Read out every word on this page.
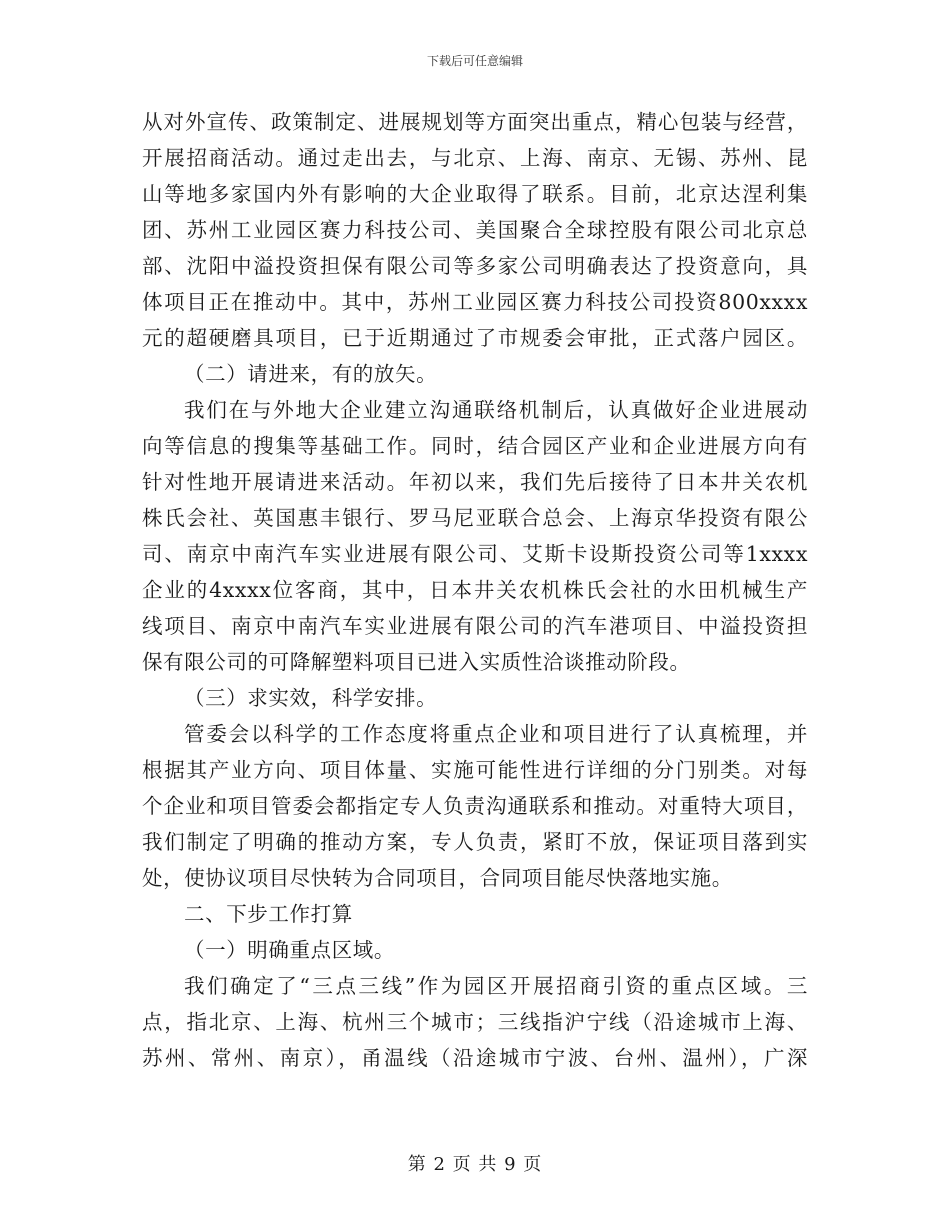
下载后可任意编辑
从对外宣传、政策制定、进展规划等方面突出重点，精心包装与经营，
开展招商活动。通过走出去，与北京、上海、南京、无锡、苏州、昆
山等地多家国内外有影响的大企业取得了联系。目前，北京达涅利集
团、苏州工业园区赛力科技公司、美国聚合全球控股有限公司北京总
部、沈阳中溢投资担保有限公司等多家公司明确表达了投资意向，具
体项目正在推动中。其中，苏州工业园区赛力科技公司投资800xxxx
元的超硬磨具项目，已于近期通过了市规委会审批，正式落户园区。
（二）请进来，有的放矢。
我们在与外地大企业建立沟通联络机制后，认真做好企业进展动
向等信息的搜集等基础工作。同时，结合园区产业和企业进展方向有
针对性地开展请进来活动。年初以来，我们先后接待了日本井关农机
株氏会社、英国惠丰银行、罗马尼亚联合总会、上海京华投资有限公
司、南京中南汽车实业进展有限公司、艾斯卡设斯投资公司等1xxxx
企业的4xxxx位客商，其中，日本井关农机株氏会社的水田机械生产
线项目、南京中南汽车实业进展有限公司的汽车港项目、中溢投资担
保有限公司的可降解塑料项目已进入实质性洽谈推动阶段。
（三）求实效，科学安排。
管委会以科学的工作态度将重点企业和项目进行了认真梳理，并
根据其产业方向、项目体量、实施可能性进行详细的分门别类。对每
个企业和项目管委会都指定专人负责沟通联系和推动。对重特大项目，
我们制定了明确的推动方案，专人负责，紧盯不放，保证项目落到实
处，使协议项目尽快转为合同项目，合同项目能尽快落地实施。
二、下步工作打算
（一）明确重点区域。
我们确定了“三点三线”作为园区开展招商引资的重点区域。三
点，指北京、上海、杭州三个城市；三线指沪宁线（沿途城市上海、
苏州、常州、南京），甬温线（沿途城市宁波、台州、温州），广深
第 2 页 共 9 页
